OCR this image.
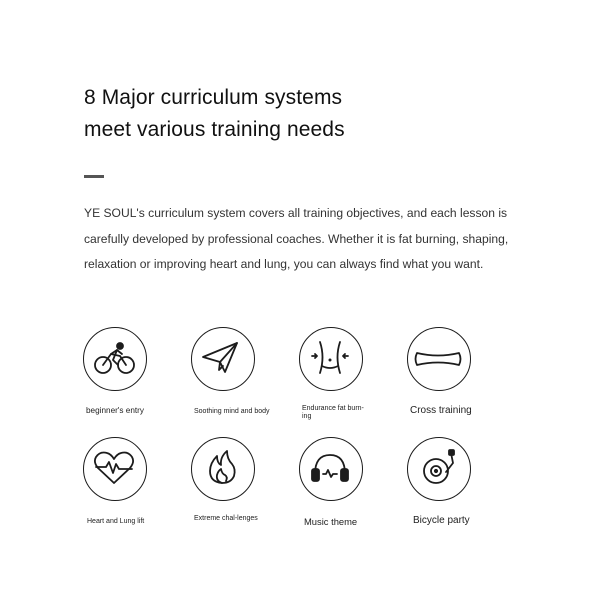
8 Major curriculum systems
meet various training needs
YE SOUL's curriculum system covers all training objectives, and each lesson is carefully developed by professional coaches. Whether it is fat burning, shaping, relaxation or improving heart and lung, you can always find what you want.
beginner's entry	Soothing mind and body	Endurance fat burn-ing	Cross training
Heart and Lung lift	Extreme chal-lenges	Music theme	Bicycle party
